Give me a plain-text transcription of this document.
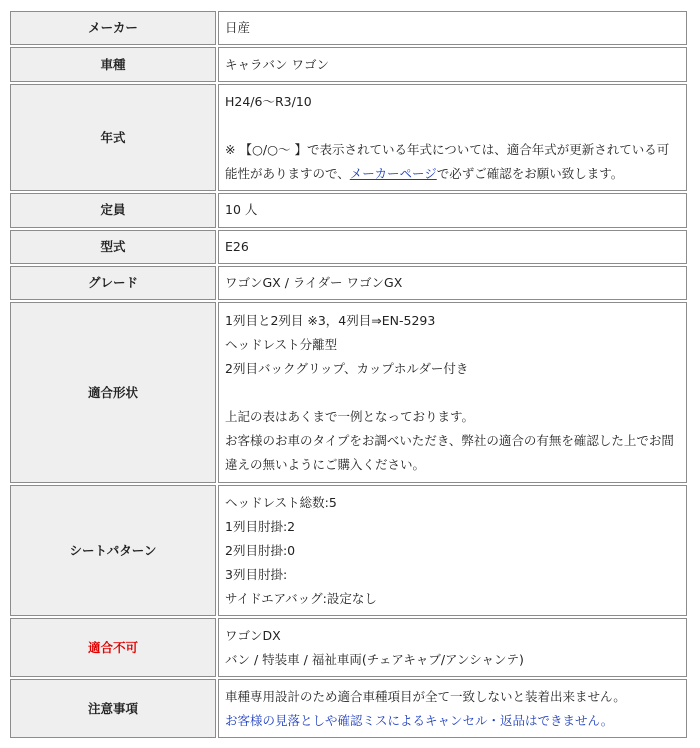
メーカー	日産
車種	キャラバン ワゴン
年式	H24/6～R3/10
※ 【○/○～ 】で表示されている年式については、適合年式が更新されている可能性がありますので、メーカーページで必ずご確認をお願い致します。

定員	10 人
型式	E26
グレード	ワゴンGX / ライダー ワゴンGX
適合形状	1列目と2列目 ※3，4列目⇒EN-5293
ヘッドレスト分離型
2列目バックグリップ、カップホルダー付き
上記の表はあくまで一例となっております。
お客様のお車のタイプをお調べいただき、弊社の適合の有無を確認した上でお間違えの無いようにご購入ください。

シートパターン	ヘッドレスト総数:5
1列目肘掛:2
2列目肘掛:0
3列目肘掛:
サイドエアバッグ:設定なし

適合不可	ワゴンDX
バン / 特装車 / 福祉車両(チェアキャブ/アンシャンテ)

注意事項	車種専用設計のため適合車種項目が全て一致しないと装着出来ません。
お客様の見落としや確認ミスによるキャンセル・返品はできません。
